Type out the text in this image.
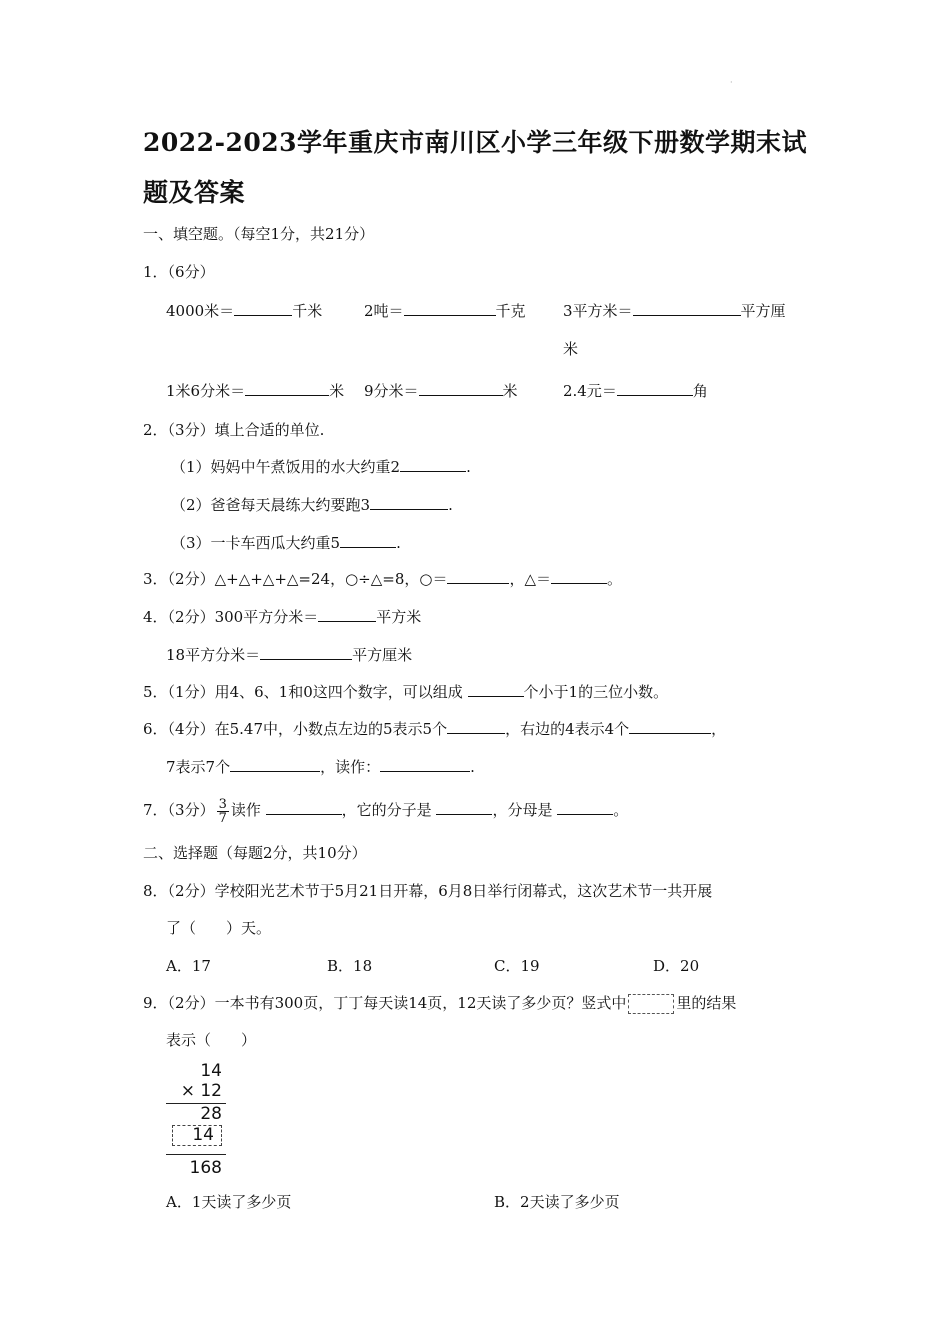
·
2022-2023学年重庆市南川区小学三年级下册数学期末试题及答案
一、填空题。（每空1分，共21分）
1．（6分）
4000米＝	千米	2吨＝	千克 3平方米＝	平方厘
米
1米6分米＝	米 9分米＝	米	2.4元＝	角
2．（3分）填上合适的单位.
（1）妈妈中午煮饭用的水大约重2	.
（2）爸爸每天晨练大约要跑3	.
（3）一卡车西瓜大约重5	.
3．（2分）△+△+△+△=24，○÷△=8，○＝	，△＝	。
4．（2分）300平方分米＝	平方米
18平方分米＝	平方厘米
5．（1分）用4、6、1和0这四个数字，可以组成	个小于1的三位小数。
6．（4分）在5.47中，小数点左边的5表示5个	，右边的4表示4个	，
7表示7个	，读作：	.
7．（3分） $\frac{3}{7}$ 读作	，它的分子是	，分母是	。
二、选择题（每题2分，共10分）
8．（2分）学校阳光艺术节于5月21日开幕，6月8日举行闭幕式，这次艺术节一共开展
了（　　）天。
A．17	B．18	C．19	D．20
9．（2分）一本书有300页，丁丁每天读14页，12天读了多少页？竖式中	里的结果
表示（　　）
14
× 12
28
14
168
A．1天读了多少页	B．2天读了多少页
